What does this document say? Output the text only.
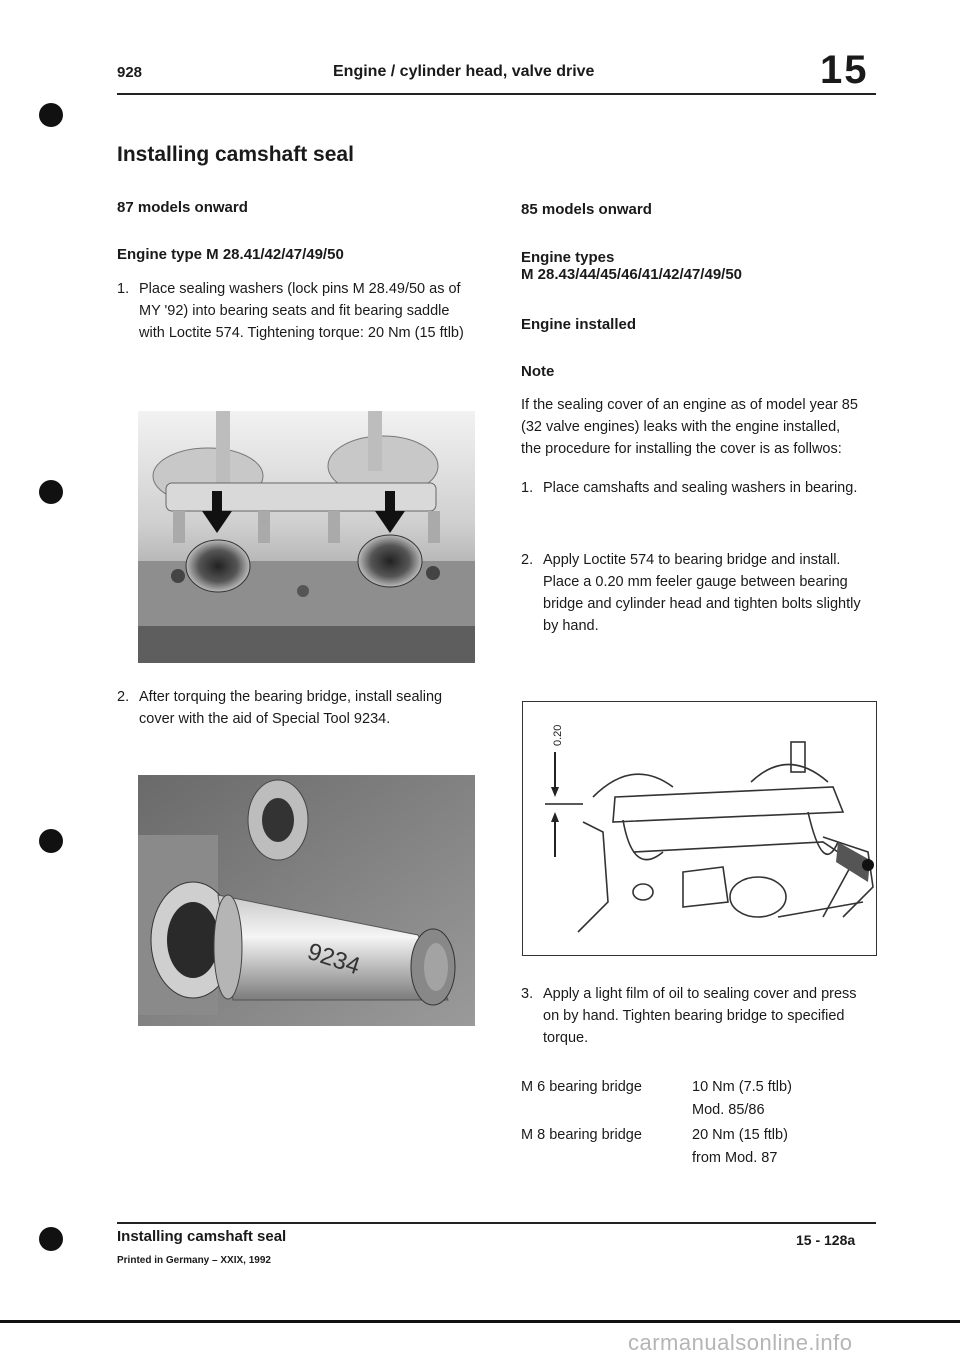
928	Engine / cylinder head, valve drive	15
Installing camshaft seal
87 models onward
Engine type M 28.41/42/47/49/50
1. Place sealing washers (lock pins M 28.49/50 as of MY '92) into bearing seats and fit bearing saddle with Loctite 574. Tightening torque: 20 Nm (15 ftlb)
2. After torquing the bearing bridge, install sealing cover with the aid of Special Tool 9234.
9234
85 models onward
Engine types
M 28.43/44/45/46/41/42/47/49/50
Engine installed
Note
If the sealing cover of an engine as of model year 85 (32 valve engines) leaks with the engine installed, the procedure for installing the cover is as follwos:
1. Place camshafts and sealing washers in bearing.
2. Apply Loctite 574 to bearing bridge and install. Place a 0.20 mm feeler gauge between bearing bridge and cylinder head and tighten bolts slightly by hand.
0.20
3. Apply a light film of oil to sealing cover and press on by hand. Tighten bearing bridge to specified torque.
M 6 bearing bridge	10 Nm (7.5 ftlb)
Mod. 85/86
M 8 bearing bridge	20 Nm (15 ftlb)
from Mod. 87
Installing camshaft seal
Printed in Germany – XXIX, 1992
15 - 128a
carmanualsonline.info
